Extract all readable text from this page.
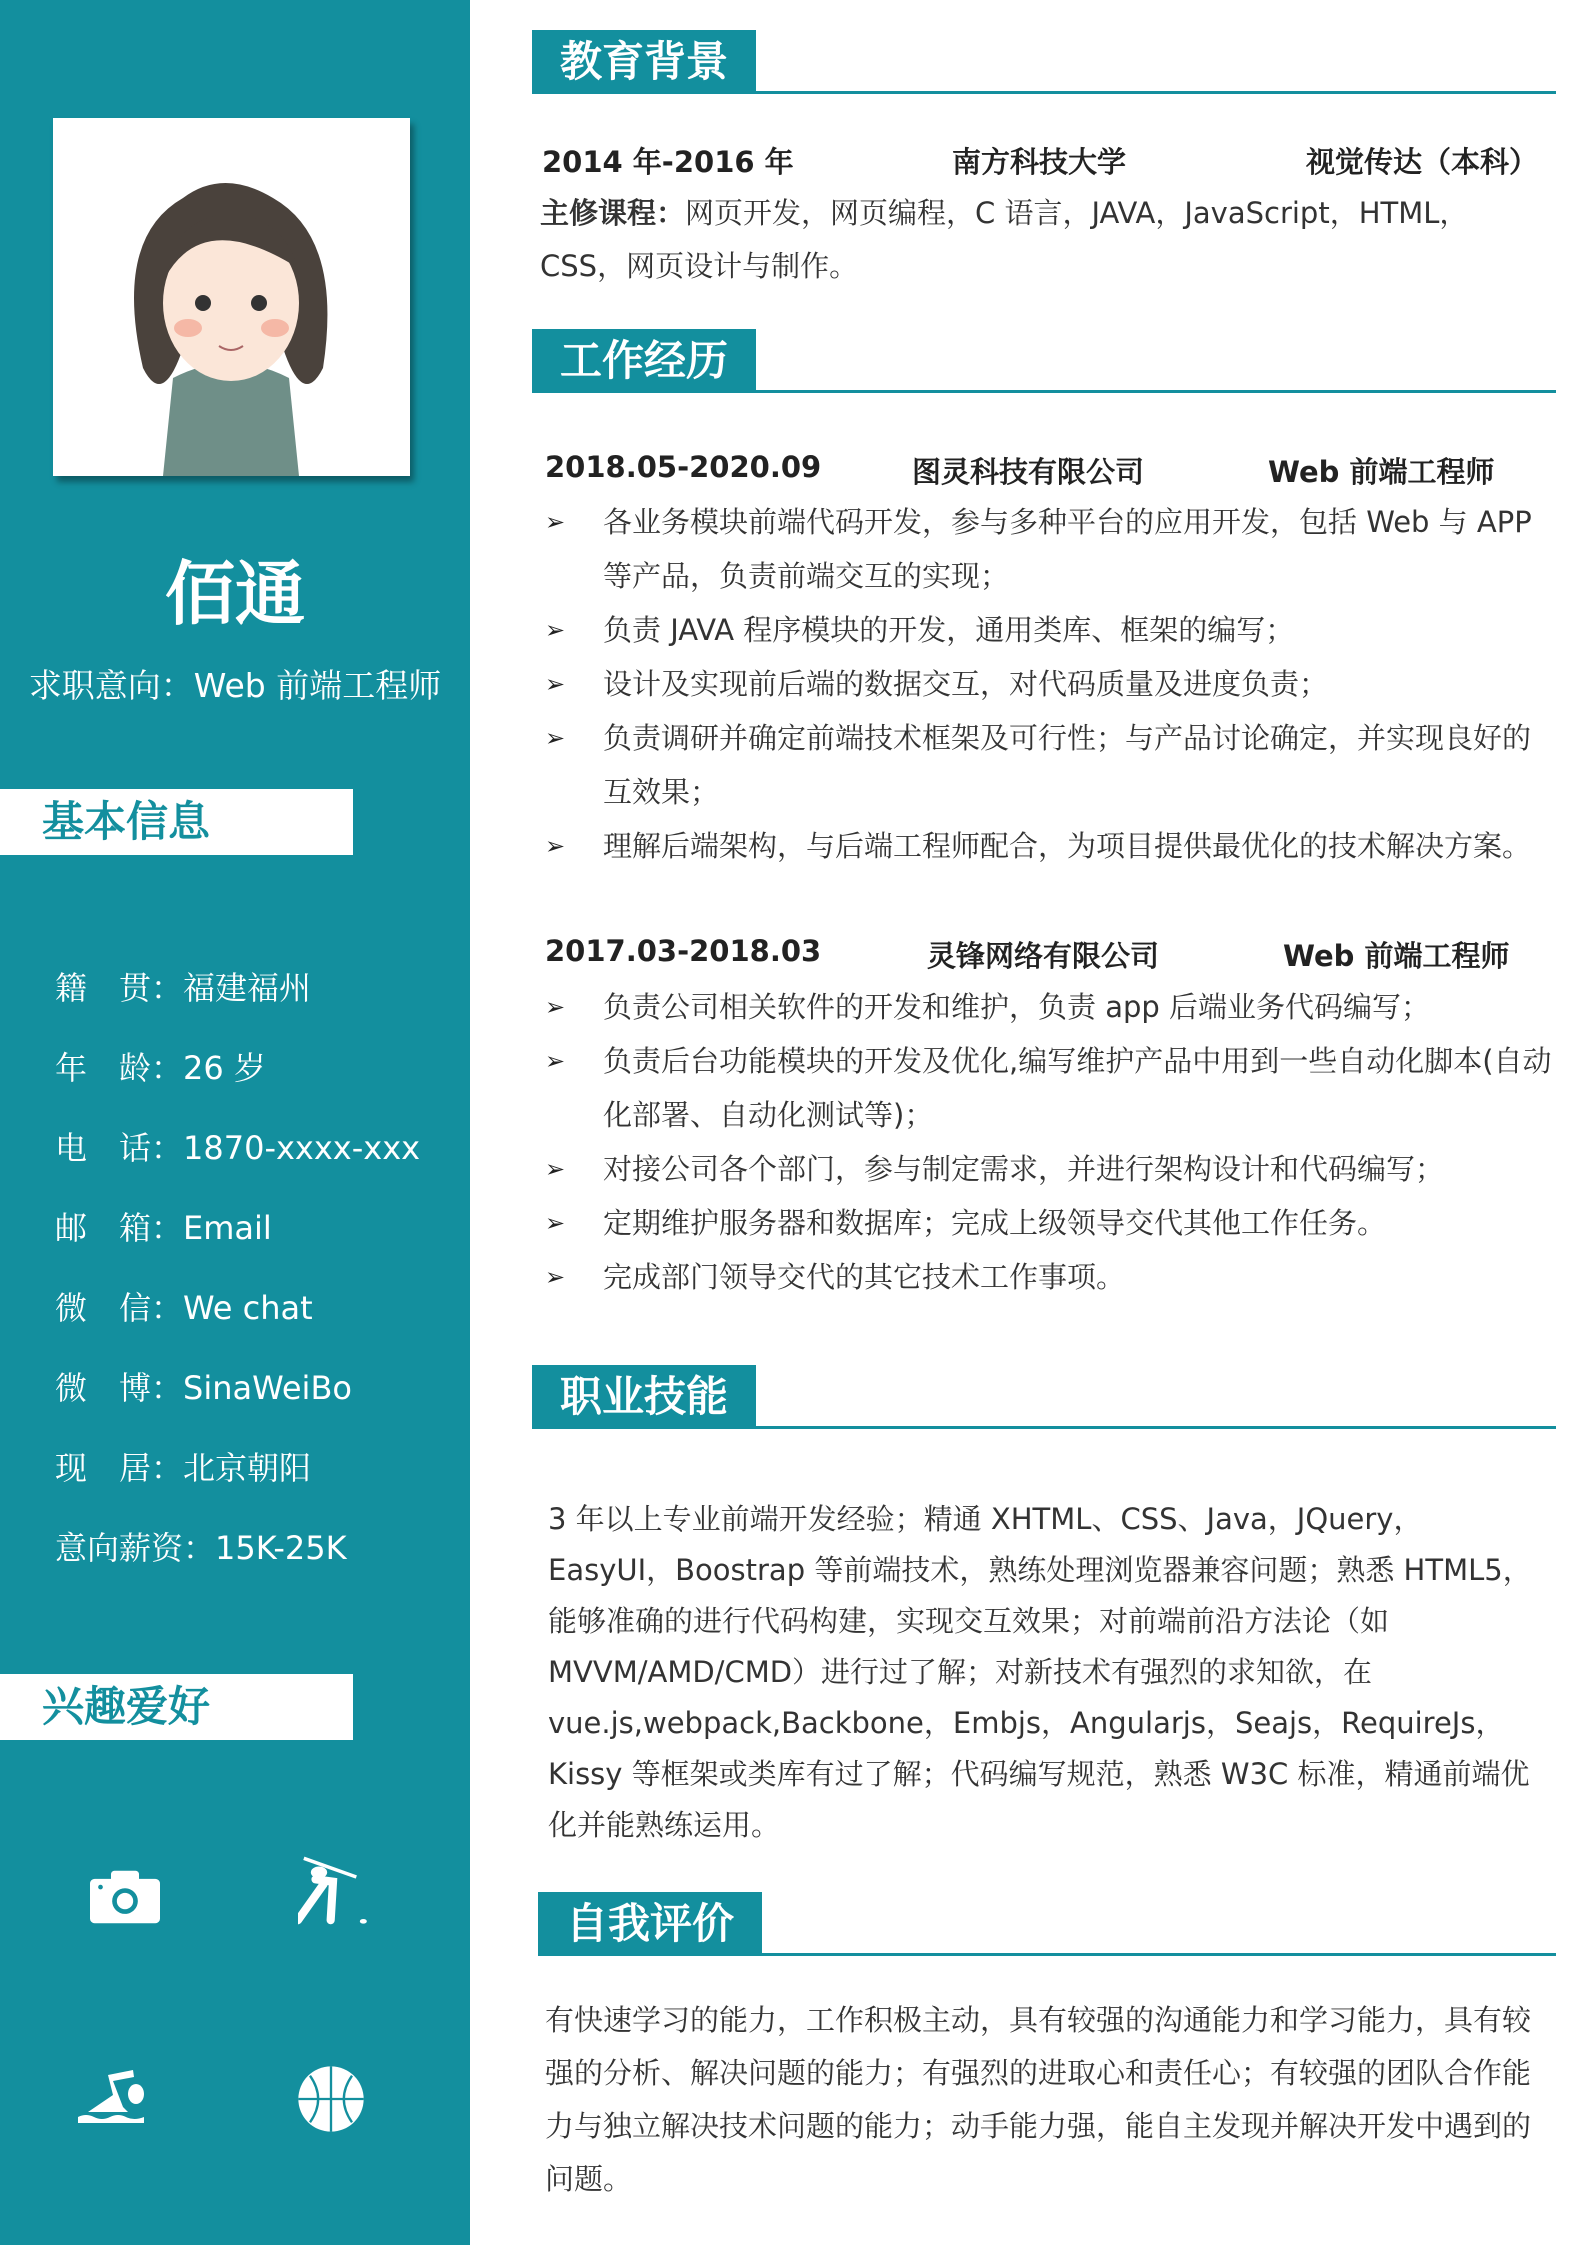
佰通
求职意向：Web 前端工程师
基本信息
籍　贯：福建福州
年　龄：26 岁
电　话：1870-xxxx-xxx
邮　箱：Email
微　信：We chat
微　博：SinaWeiBo
现　居：北京朝阳
意向薪资：15K-25K
兴趣爱好
教育背景
2014 年-2016 年	南方科技大学	视觉传达（本科）
主修课程：网页开发，网页编程，C 语言，JAVA，JavaScript，HTML，CSS，网页设计与制作。
工作经历
2018.05-2020.09	图灵科技有限公司	Web 前端工程师
➢ 各业务模块前端代码开发，参与多种平台的应用开发，包括 Web 与 APP 等产品，负责前端交互的实现；
➢ 负责 JAVA 程序模块的开发，通用类库、框架的编写；
➢ 设计及实现前后端的数据交互，对代码质量及进度负责；
➢ 负责调研并确定前端技术框架及可行性；与产品讨论确定，并实现良好的互效果；
➢ 理解后端架构，与后端工程师配合，为项目提供最优化的技术解决方案。
2017.03-2018.03	灵锋网络有限公司	Web 前端工程师
➢ 负责公司相关软件的开发和维护，负责 app 后端业务代码编写；
➢ 负责后台功能模块的开发及优化,编写维护产品中用到一些自动化脚本(自动化部署、自动化测试等)；
➢ 对接公司各个部门，参与制定需求，并进行架构设计和代码编写；
➢ 定期维护服务器和数据库；完成上级领导交代其他工作任务。
➢ 完成部门领导交代的其它技术工作事项。
职业技能
3 年以上专业前端开发经验；精通 XHTML、CSS、Java，JQuery，EasyUI，Boostrap 等前端技术，熟练处理浏览器兼容问题；熟悉 HTML5，能够准确的进行代码构建，实现交互效果；对前端前沿方法论（如 MVVM/AMD/CMD）进行过了解；对新技术有强烈的求知欲，在 vue.js,webpack,Backbone，Embjs，Angularjs，Seajs，RequireJs，Kissy 等框架或类库有过了解；代码编写规范，熟悉 W3C 标准，精通前端优化并能熟练运用。
自我评价
有快速学习的能力，工作积极主动，具有较强的沟通能力和学习能力，具有较强的分析、解决问题的能力；有强烈的进取心和责任心；有较强的团队合作能力与独立解决技术问题的能力；动手能力强，能自主发现并解决开发中遇到的问题。
